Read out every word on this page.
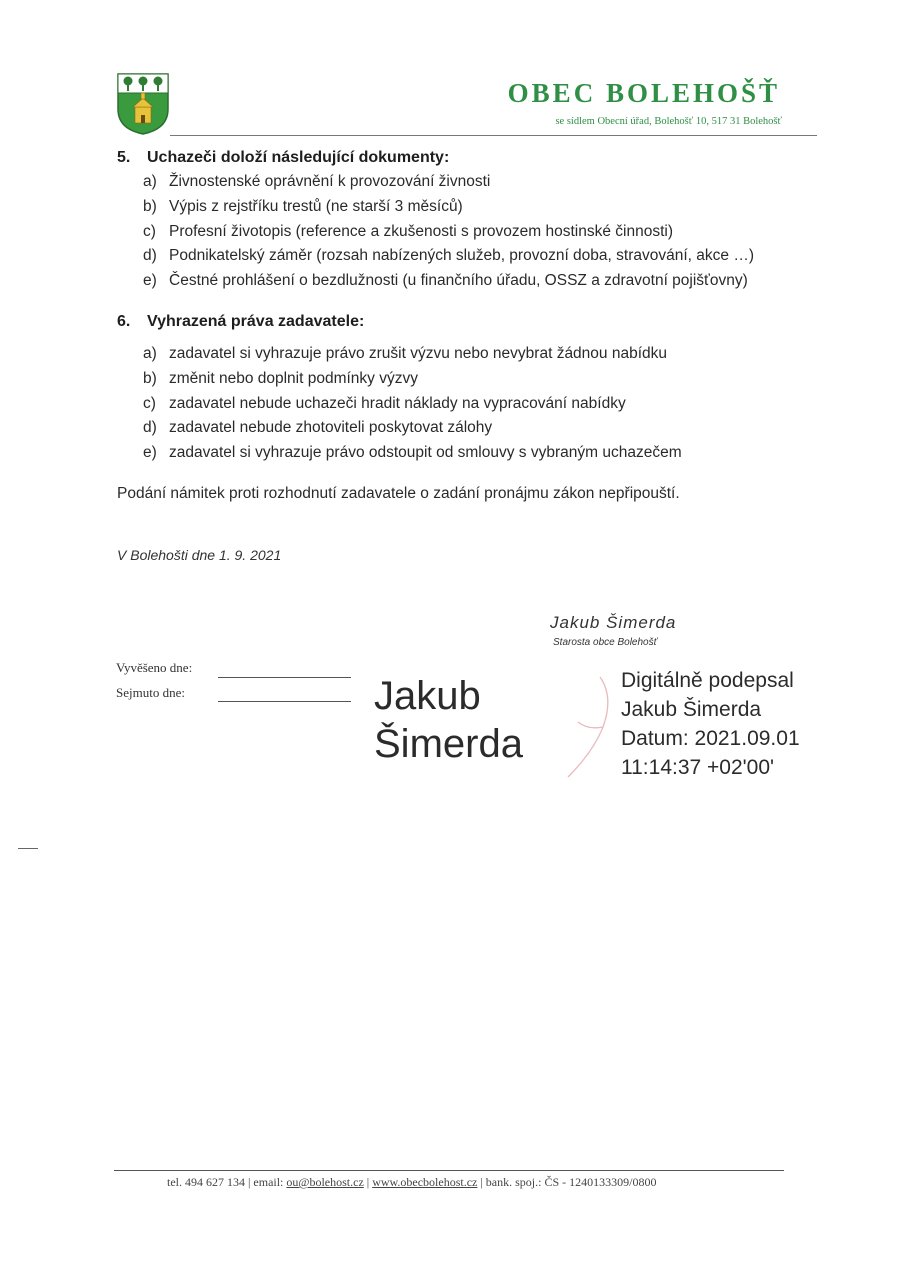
OBEC BOLEHOŠŤ
se sídlem Obecní úřad, Bolehošť 10, 517 31 Bolehošť
5. Uchazeči doloží následující dokumenty:
a) Živnostenské oprávnění k provozování živnosti
b) Výpis z rejstříku trestů (ne starší 3 měsíců)
c) Profesní životopis (reference a zkušenosti s provozem hostinské činnosti)
d) Podnikatelský záměr (rozsah nabízených služeb, provozní doba, stravování, akce …)
e) Čestné prohlášení o bezdlužnosti (u finančního úřadu, OSSZ a zdravotní pojišťovny)
6. Vyhrazená práva zadavatele:
a) zadavatel si vyhrazuje právo zrušit výzvu nebo nevybrat žádnou nabídku
b) změnit nebo doplnit podmínky výzvy
c) zadavatel nebude uchazeči hradit náklady na vypracování nabídky
d) zadavatel nebude zhotoviteli poskytovat zálohy
e) zadavatel si vyhrazuje právo odstoupit od smlouvy s vybraným uchazečem
Podání námitek proti rozhodnutí zadavatele o zadání pronájmu zákon nepřipouští.
V Bolehošti dne 1. 9. 2021
Jakub Šimerda
Starosta obce Bolehošť
Vyvěšeno dne:
Sejmuto dne:	Jakub
Šimerda
Digitálně podepsal
Jakub Šimerda
Datum: 2021.09.01
11:14:37 +02'00'
tel. 494 627 134 | email: ou@bolehost.cz | www.obecbolehost.cz | bank. spoj.: ČS - 1240133309/0800
